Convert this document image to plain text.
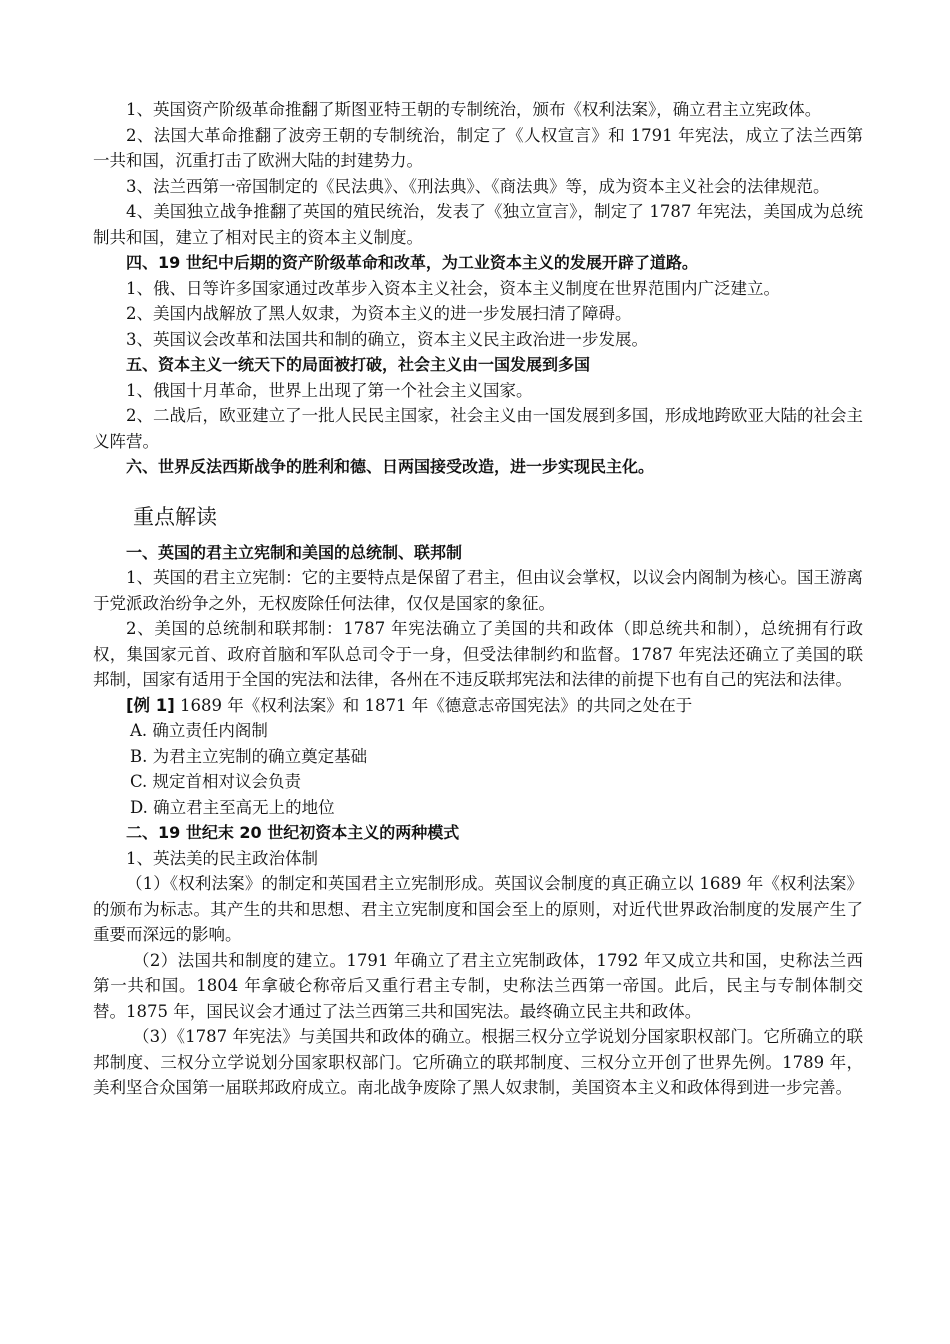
1、英国资产阶级革命推翻了斯图亚特王朝的专制统治，颁布《权利法案》，确立君主立宪政体。

2、法国大革命推翻了波旁王朝的专制统治，制定了《人权宣言》和 1791 年宪法，成立了法兰西第一共和国，沉重打击了欧洲大陆的封建势力。

3、法兰西第一帝国制定的《民法典》、《刑法典》、《商法典》等，成为资本主义社会的法律规范。

4、美国独立战争推翻了英国的殖民统治，发表了《独立宣言》，制定了 1787 年宪法，美国成为总统制共和国，建立了相对民主的资本主义制度。

四、19 世纪中后期的资产阶级革命和改革，为工业资本主义的发展开辟了道路。

1、俄、日等许多国家通过改革步入资本主义社会，资本主义制度在世界范围内广泛建立。

2、美国内战解放了黑人奴隶，为资本主义的进一步发展扫清了障碍。

3、英国议会改革和法国共和制的确立，资本主义民主政治进一步发展。

五、资本主义一统天下的局面被打破，社会主义由一国发展到多国

1、俄国十月革命，世界上出现了第一个社会主义国家。

2、二战后，欧亚建立了一批人民民主国家，社会主义由一国发展到多国，形成地跨欧亚大陆的社会主义阵营。

六、世界反法西斯战争的胜利和德、日两国接受改造，进一步实现民主化。

重点解读

一、英国的君主立宪制和美国的总统制、联邦制

1、英国的君主立宪制：它的主要特点是保留了君主，但由议会掌权，以议会内阁制为核心。国王游离于党派政治纷争之外，无权废除任何法律，仅仅是国家的象征。

2、美国的总统制和联邦制：1787 年宪法确立了美国的共和政体（即总统共和制），总统拥有行政权，集国家元首、政府首脑和军队总司令于一身，但受法律制约和监督。1787 年宪法还确立了美国的联邦制，国家有适用于全国的宪法和法律，各州在不违反联邦宪法和法律的前提下也有自己的宪法和法律。

[例 1] 1689 年《权利法案》和 1871 年《德意志帝国宪法》的共同之处在于

A. 确立责任内阁制

B. 为君主立宪制的确立奠定基础

C. 规定首相对议会负责

D. 确立君主至高无上的地位

二、19 世纪末 20 世纪初资本主义的两种模式

1、英法美的民主政治体制

（1）《权利法案》的制定和英国君主立宪制形成。英国议会制度的真正确立以 1689 年《权利法案》的颁布为标志。其产生的共和思想、君主立宪制度和国会至上的原则，对近代世界政治制度的发展产生了重要而深远的影响。

（2）法国共和制度的建立。1791 年确立了君主立宪制政体，1792 年又成立共和国，史称法兰西第一共和国。1804 年拿破仑称帝后又重行君主专制，史称法兰西第一帝国。此后，民主与专制体制交替。1875 年，国民议会才通过了法兰西第三共和国宪法。最终确立民主共和政体。

（3）《1787 年宪法》与美国共和政体的确立。根据三权分立学说划分国家职权部门。它所确立的联邦制度、三权分立学说划分国家职权部门。它所确立的联邦制度、三权分立开创了世界先例。1789 年，美利坚合众国第一届联邦政府成立。南北战争废除了黑人奴隶制，美国资本主义和政体得到进一步完善。
